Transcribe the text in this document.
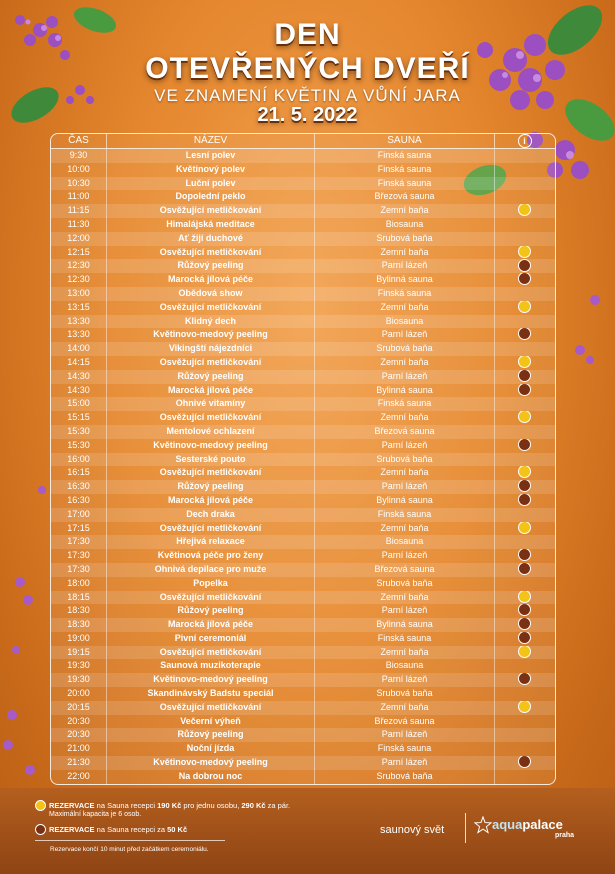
DEN
OTEVŘENÝCH DVEŘÍ
VE ZNAMENÍ KVĚTIN A VŮNÍ JARA
21. 5. 2022
ČAS	NÁZEV	SAUNA	i
9:30	Lesní polev	Finská sauna
10:00	Květinový polev	Finská sauna
10:30	Luční polev	Finská sauna
11:00	Dopolední peklo	Březová sauna
11:15	Osvěžující metličkování	Zemní baňa
11:30	Himalájská meditace	Biosauna
12:00	Ať žijí duchové	Srubová baňa
12:15	Osvěžující metličkování	Zemní baňa
12:30	Růžový peeling	Parní lázeň
12:30	Marocká jílová péče	Bylinná sauna
13:00	Obědová show	Finská sauna
13:15	Osvěžující metličkování	Zemní baňa
13:30	Klidný dech	Biosauna
13:30	Květinovo-medový peeling	Parní lázeň
14:00	Vikingští nájezdníci	Srubová baňa
14:15	Osvěžující metličkování	Zemní baňa
14:30	Růžový peeling	Parní lázeň
14:30	Marocká jílová péče	Bylinná sauna
15:00	Ohnivé vitamíny	Finská sauna
15:15	Osvěžující metličkování	Zemní baňa
15:30	Mentolové ochlazení	Březová sauna
15:30	Květinovo-medový peeling	Parní lázeň
16:00	Sesterské pouto	Srubová baňa
16:15	Osvěžující metličkování	Zemní baňa
16:30	Růžový peeling	Parní lázeň
16:30	Marocká jílová péče	Bylinná sauna
17:00	Dech draka	Finská sauna
17:15	Osvěžující metličkování	Zemní baňa
17:30	Hřejivá relaxace	Biosauna
17:30	Květinová péče pro ženy	Parní lázeň
17:30	Ohnivá depilace pro muže	Březová sauna
18:00	Popelka	Srubová baňa
18:15	Osvěžující metličkování	Zemní baňa
18:30	Růžový peeling	Parní lázeň
18:30	Marocká jílová péče	Bylinná sauna
19:00	Pivní ceremoniál	Finská sauna
19:15	Osvěžující metličkování	Zemní baňa
19:30	Saunová muzikoterapie	Biosauna
19:30	Květinovo-medový peeling	Parní lázeň
20:00	Skandinávský Badstu speciál	Srubová baňa
20:15	Osvěžující metličkování	Zemní baňa
20:30	Večerní výheň	Březová sauna
20:30	Růžový peeling	Parní lázeň
21:00	Noční jízda	Finská sauna
21:30	Květinovo-medový peeling	Parní lázeň
22:00	Na dobrou noc	Srubová baňa
REZERVACE na Sauna recepci 190 Kč pro jednu osobu, 290 Kč za pár.
Maximální kapacita je 6 osob.
REZERVACE na Sauna recepci za 50 Kč
Rezervace končí 10 minut před začátkem ceremoniálu.
saunový svět	aquapalace
praha
